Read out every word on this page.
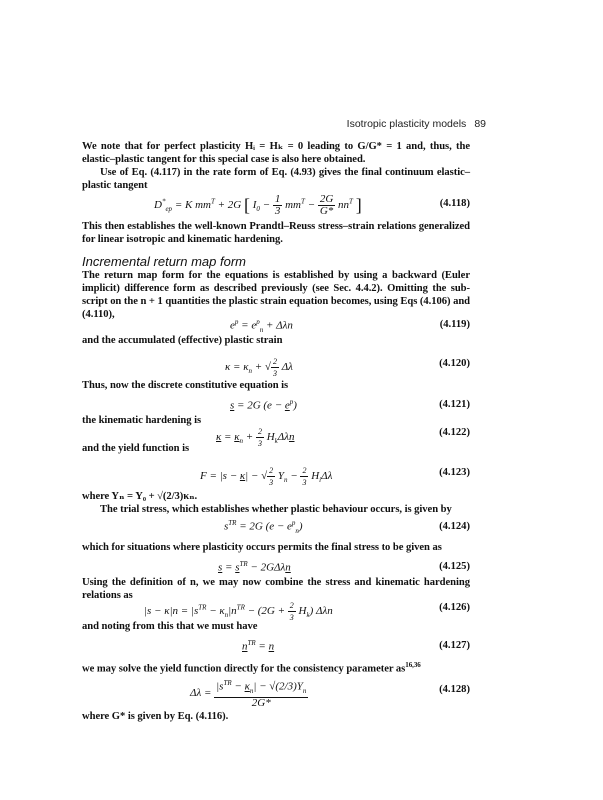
Isotropic plasticity models 89
We note that for perfect plasticity Hᵢ = Hₖ = 0 leading to G/G* = 1 and, thus, the elastic–plastic tangent for this special case is also here obtained.
Use of Eq. (4.117) in the rate form of Eq. (4.93) gives the final continuum elastic–plastic tangent
$D^*_{ep} = K$ $mm^T + 2G$ [ $I_0 - \frac{1}{3} mm^T - \frac{2G}{G*} nn^T$ ]	(4.118)
This then establishes the well-known Prandtl–Reuss stress–strain relations generalized for linear isotropic and kinematic hardening.
Incremental return map form
The return map form for the equations is established by using a backward (Euler implicit) difference form as described previously (see Sec. 4.4.2). Omitting the sub-script on the n + 1 quantities the plastic strain equation becomes, using Eqs (4.106) and (4.110),
$e^p = e^p_n + \Delta\lambda n$	(4.119)
and the accumulated (effective) plastic strain
$\kappa = \kappa_n$ + √ $\frac{2}{3}$ Δλ	(4.120)
Thus, now the discrete constitutive equation is
s = 2G $(e - e^p)$	(4.121)
the kinematic hardening is
$\kappa = \kappa_n + \frac{2}{3} H_k\Delta\lambda n$	(4.122)
and the yield function is
F = |s − κ| − √ $\frac{2}{3} Y_n - \frac{2}{3} H_i\Delta\lambda$	(4.123)
where Yₙ = Y₀ + √(2/3)κₙ.
The trial stress, which establishes whether plastic behaviour occurs, is given by
$s^{TR} = 2G$ $(e - e^p_n)$	(4.124)
which for situations where plasticity occurs permits the final stress to be given as
$s = s^{TR} - 2G\Delta\lambda n$	(4.125)
Using the definition of n, we may now combine the stress and kinematic hardening relations as
$|s - \kappa|n = |s^{TR} - \kappa_n|n^{TR} - (2G + \frac{2}{3} H_k)$ Δλn	(4.126)
and noting from this that we must have
$n^{TR} = n$	(4.127)
we may solve the yield function directly for the consistency parameter as$^{16,36}$
$\Delta\lambda = \frac{|s^{TR} - \kappa_n| - √(2/3)Y_n}{2G*}$	(4.128)
where G* is given by Eq. (4.116).
